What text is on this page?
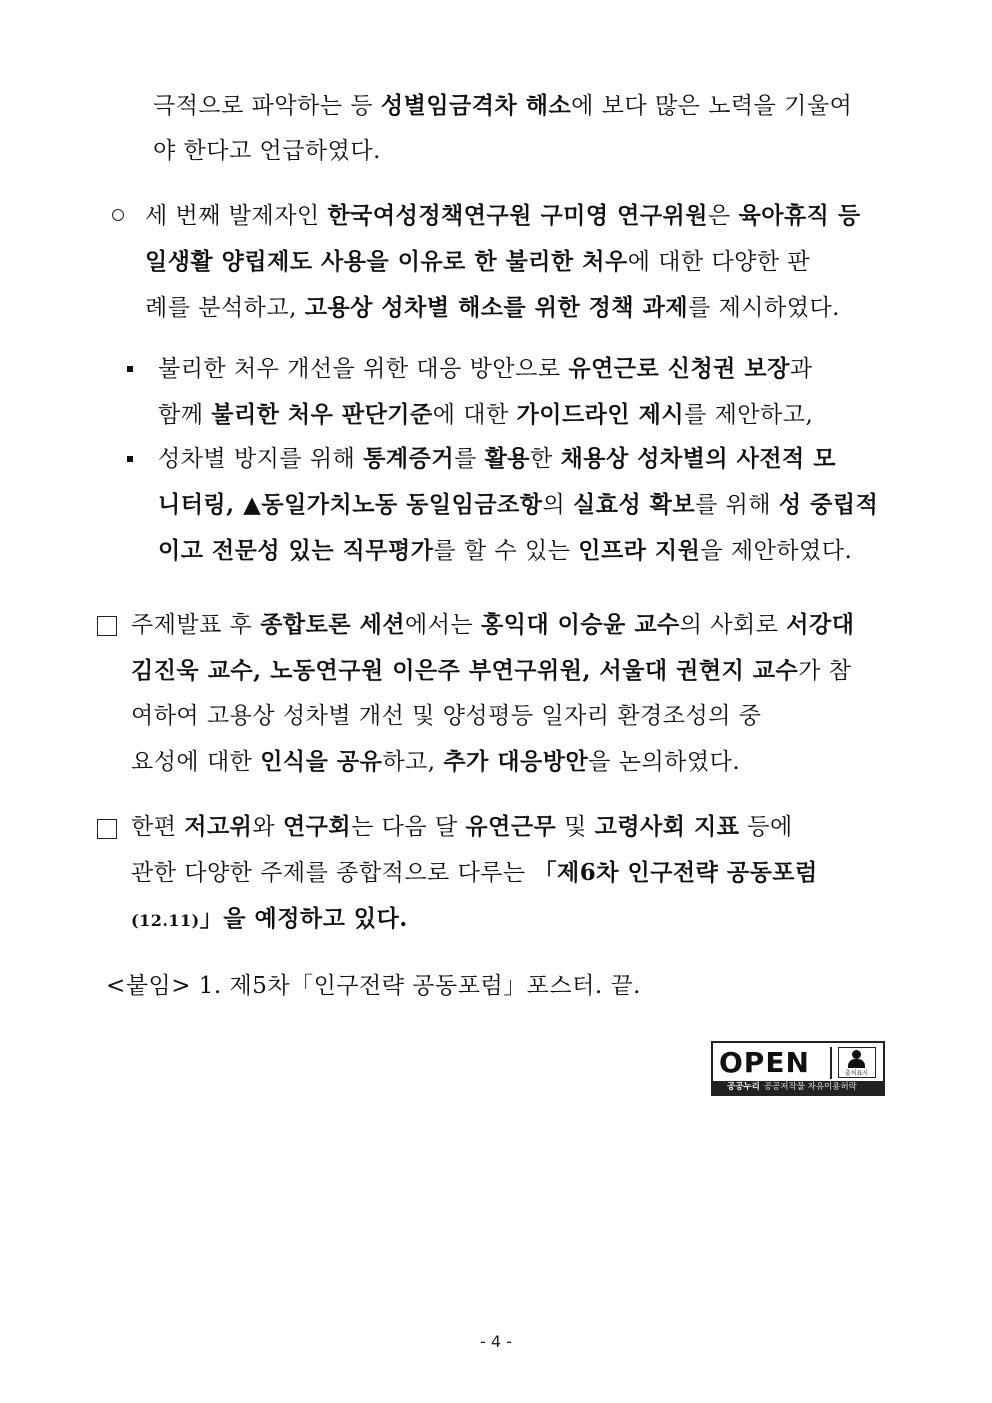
극적으로 파악하는 등 성별임금격차 해소에 보다 많은 노력을 기울여
야 한다고 언급하였다.
세 번째 발제자인 한국여성정책연구원 구미영 연구위원은 육아휴직 등
일생활 양립제도 사용을 이유로 한 불리한 처우에 대한 다양한 판
례를 분석하고, 고용상 성차별 해소를 위한 정책 과제를 제시하였다.
불리한 처우 개선을 위한 대응 방안으로 유연근로 신청권 보장과
함께 불리한 처우 판단기준에 대한 가이드라인 제시를 제안하고,
성차별 방지를 위해 통계증거를 활용한 채용상 성차별의 사전적 모
니터링, ▲동일가치노동 동일임금조항의 실효성 확보를 위해 성 중립적
이고 전문성 있는 직무평가를 할 수 있는 인프라 지원을 제안하였다.
주제발표 후 종합토론 세션에서는 홍익대 이승윤 교수의 사회로 서강대
김진욱 교수, 노동연구원 이은주 부연구위원, 서울대 권현지 교수가 참
여하여 고용상 성차별 개선 및 양성평등 일자리 환경조성의 중
요성에 대한 인식을 공유하고, 추가 대응방안을 논의하였다.
한편 저고위와 연구회는 다음 달 유연근무 및 고령사회 지표 등에
관한 다양한 주제를 종합적으로 다루는 「제6차 인구전략 공동포럼
(12.11)」을 예정하고 있다.
<붙임> 1. 제5차「인구전략 공동포럼」포스터. 끝.
OPEN	출처표시
공공누리 공공저작물 자유이용허락
- 4 -
